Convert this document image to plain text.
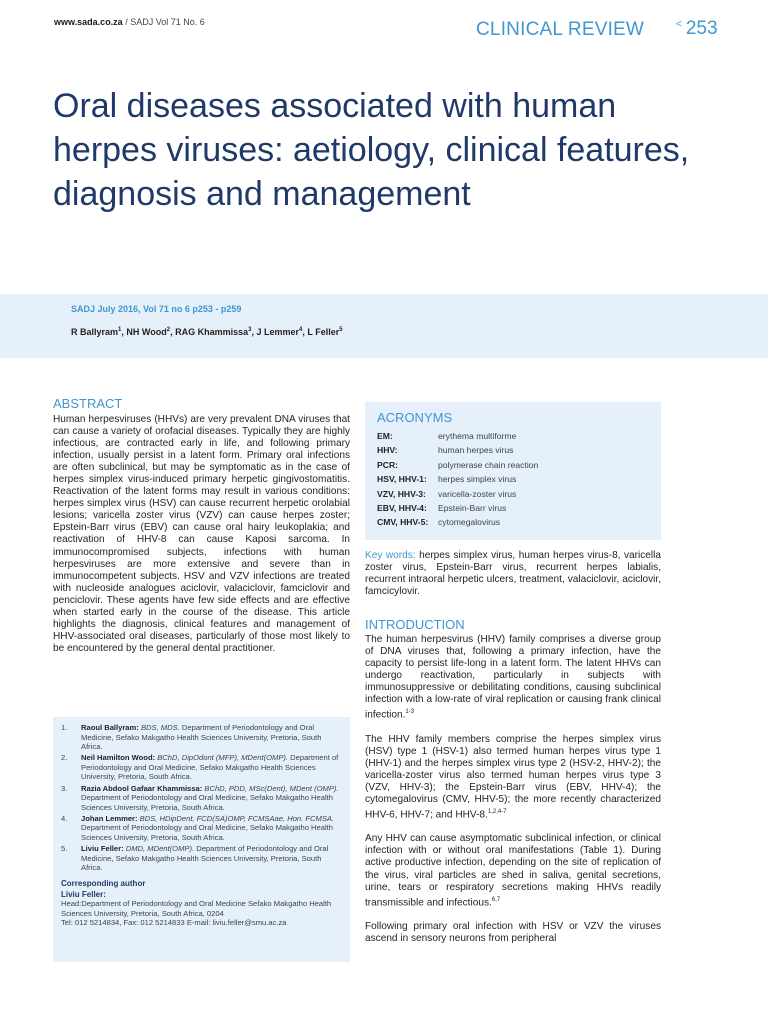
www.sada.co.za / SADJ Vol 71 No. 6	CLINICAL REVIEW	< 253
Oral diseases associated with human herpes viruses: aetiology, clinical features, diagnosis and management
SADJ July 2016, Vol 71 no 6 p253 - p259
R Ballyram$^1$, NH Wood$^2$, RAG Khammissa$^3$, J Lemmer$^4$, L Feller$^5$
ABSTRACT

Human herpesviruses (HHVs) are very prevalent DNA viruses that can cause a variety of orofacial diseases. Typically they are highly infectious, are contracted early in life, and following primary infection, usually persist in a latent form. Primary oral infections are often subclinical, but may be symptomatic as in the case of herpes simplex virus-induced primary herpetic gingivostomatitis. Reactivation of the latent forms may result in various conditions: herpes simplex virus (HSV) can cause recurrent herpetic orolabial lesions; varicella zoster virus (VZV) can cause herpes zoster; Epstein-Barr virus (EBV) can cause oral hairy leukoplakia; and reactivation of HHV-8 can cause Kaposi sarcoma. In immunocompromised subjects, infections with human herpesviruses are more extensive and severe than in immunocompetent subjects. HSV and VZV infections are treated with nucleoside analogues aciclovir, valaciclovir, famciclovir and penciclovir. These agents have few side effects and are effective when started early in the course of the disease. This article highlights the diagnosis, clinical features and management of HHV-associated oral diseases, particularly of those most likely to be encountered by the general dental practitioner.

1.	Raoul Ballyram: BDS, MDS. Department of Periodontology and Oral Medicine, Sefako Makgatho Health Sciences University, Pretoria, South Africa.
2.	Neil Hamilton Wood: BChD, DipOdont (MFP), MDent(OMP). Department of Periodontology and Oral Medicine, Sefako Makgatho Health Sciences University, Pretoria, South Africa.
3.	Razia Abdool Gafaar Khammissa: BChD, PDD, MSc(Dent), MDent (OMP). Department of Periodontology and Oral Medicine, Sefako Makgatho Health Sciences University, Pretoria, South Africa.
4.	Johan Lemmer: BDS, HDipDent, FCD(SA)OMP, FCMSAae, Hon. FCMSA. Department of Periodontology and Oral Medicine, Sefako Makgatho Health Sciences University, Pretoria, South Africa.
5.	Liviu Feller: DMD, MDent(OMP). Department of Periodontology and Oral Medicine, Sefako Makgatho Health Sciences University, Pretoria, South Africa.
Corresponding author
Liviu Feller:
Head:Department of Periodontology and Oral Medicine Sefako Makgatho Health Sciences University, Pretoria, South Africa, 0204
Tel: 012 5214834, Fax: 012 5214833 E-mail: liviu.feller@smu.ac.za
ACRONYMS
EM:	erythema multiforme
HHV:	human herpes virus
PCR:	polymerase chain reaction
HSV, HHV-1:	herpes simplex virus
VZV, HHV-3:	varicella-zoster virus
EBV, HHV-4:	Epstein-Barr virus
CMV, HHV-5:	cytomegalovirus

Key words: herpes simplex virus, human herpes virus-8, varicella zoster virus, Epstein-Barr virus, recurrent herpes labialis, recurrent intraoral herpetic ulcers, treatment, valaciclovir, aciclovir, famcicylovir.

INTRODUCTION

The human herpesvirus (HHV) family comprises a diverse group of DNA viruses that, following a primary infection, have the capacity to persist life-long in a latent form. The latent HHVs can undergo reactivation, particularly in subjects with immunosuppressive or debilitating conditions, causing subclinical infection with a low-rate of viral replication or causing frank clinical infection.$^{1-3}$

The HHV family members comprise the herpes simplex virus (HSV) type 1 (HSV-1) also termed human herpes virus type 1 (HHV-1) and the herpes simplex virus type 2 (HSV-2, HHV-2); the varicella-zoster virus also termed human herpes virus type 3 (VZV, HHV-3); the Epstein-Barr virus (EBV, HHV-4); the cytomegalovirus (CMV, HHV-5); the more recently characterized HHV-6, HHV-7; and HHV-8.$^{1,2,4-7}$

Any HHV can cause asymptomatic subclinical infection, or clinical infection with or without oral manifestations (Table 1). During active productive infection, depending on the site of replication of the virus, viral particles are shed in saliva, genital secretions, urine, tears or respiratory secretions making HHVs readily transmissible and infectious.$^{6,7}$

Following primary oral infection with HSV or VZV the viruses ascend in sensory neurons from peripheral
